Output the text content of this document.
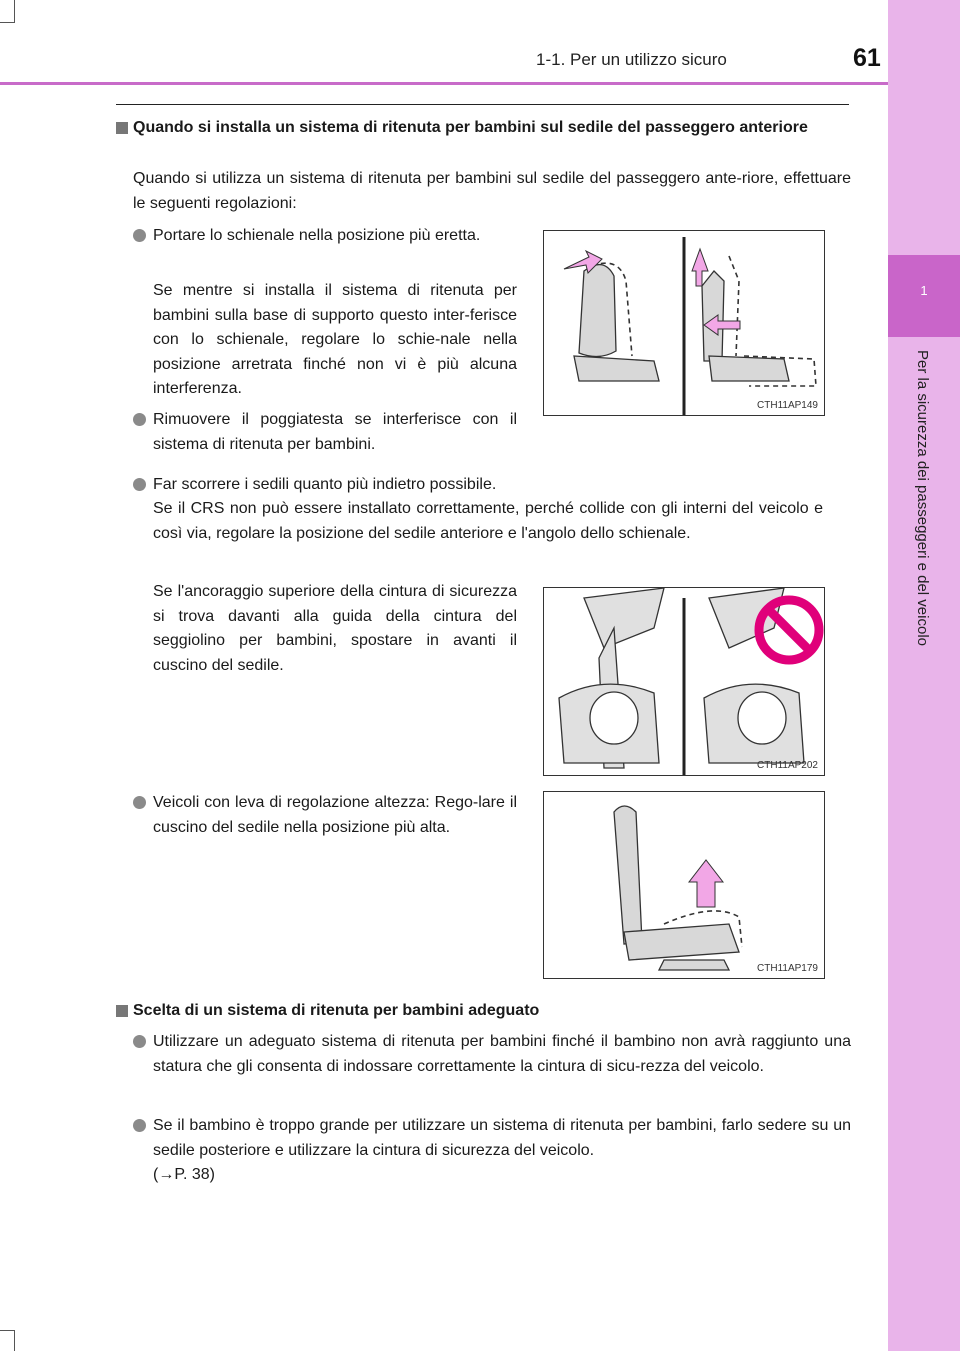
1-1. Per un utilizzo sicuro	61
1
Per la sicurezza dei passeggeri e del veicolo
Quando si installa un sistema di ritenuta per bambini sul sedile del passeggero anteriore
Quando si utilizza un sistema di ritenuta per bambini sul sedile del passeggero ante-riore, effettuare le seguenti regolazioni:
Portare lo schienale nella posizione più eretta.
Se mentre si installa il sistema di ritenuta per bambini sulla base di supporto questo inter-ferisce con lo schienale, regolare lo schie-nale nella posizione arretrata finché non vi è più alcuna interferenza.
Rimuovere il poggiatesta se interferisce con il sistema di ritenuta per bambini.
Far scorrere i sedili quanto più indietro possibile.
Se il CRS non può essere installato correttamente, perché collide con gli interni del veicolo e così via, regolare la posizione del sedile anteriore e l'angolo dello schienale.
Se l'ancoraggio superiore della cintura di sicurezza si trova davanti alla guida della cintura del seggiolino per bambini, spostare in avanti il cuscino del sedile.
Veicoli con leva di regolazione altezza: Rego-lare il cuscino del sedile nella posizione più alta.
CTH11AP149
CTH11AP202
CTH11AP179
Scelta di un sistema di ritenuta per bambini adeguato
Utilizzare un adeguato sistema di ritenuta per bambini finché il bambino non avrà raggiunto una statura che gli consenta di indossare correttamente la cintura di sicu-rezza del veicolo.
Se il bambino è troppo grande per utilizzare un sistema di ritenuta per bambini, farlo sedere su un sedile posteriore e utilizzare la cintura di sicurezza del veicolo.
(→P. 38)
